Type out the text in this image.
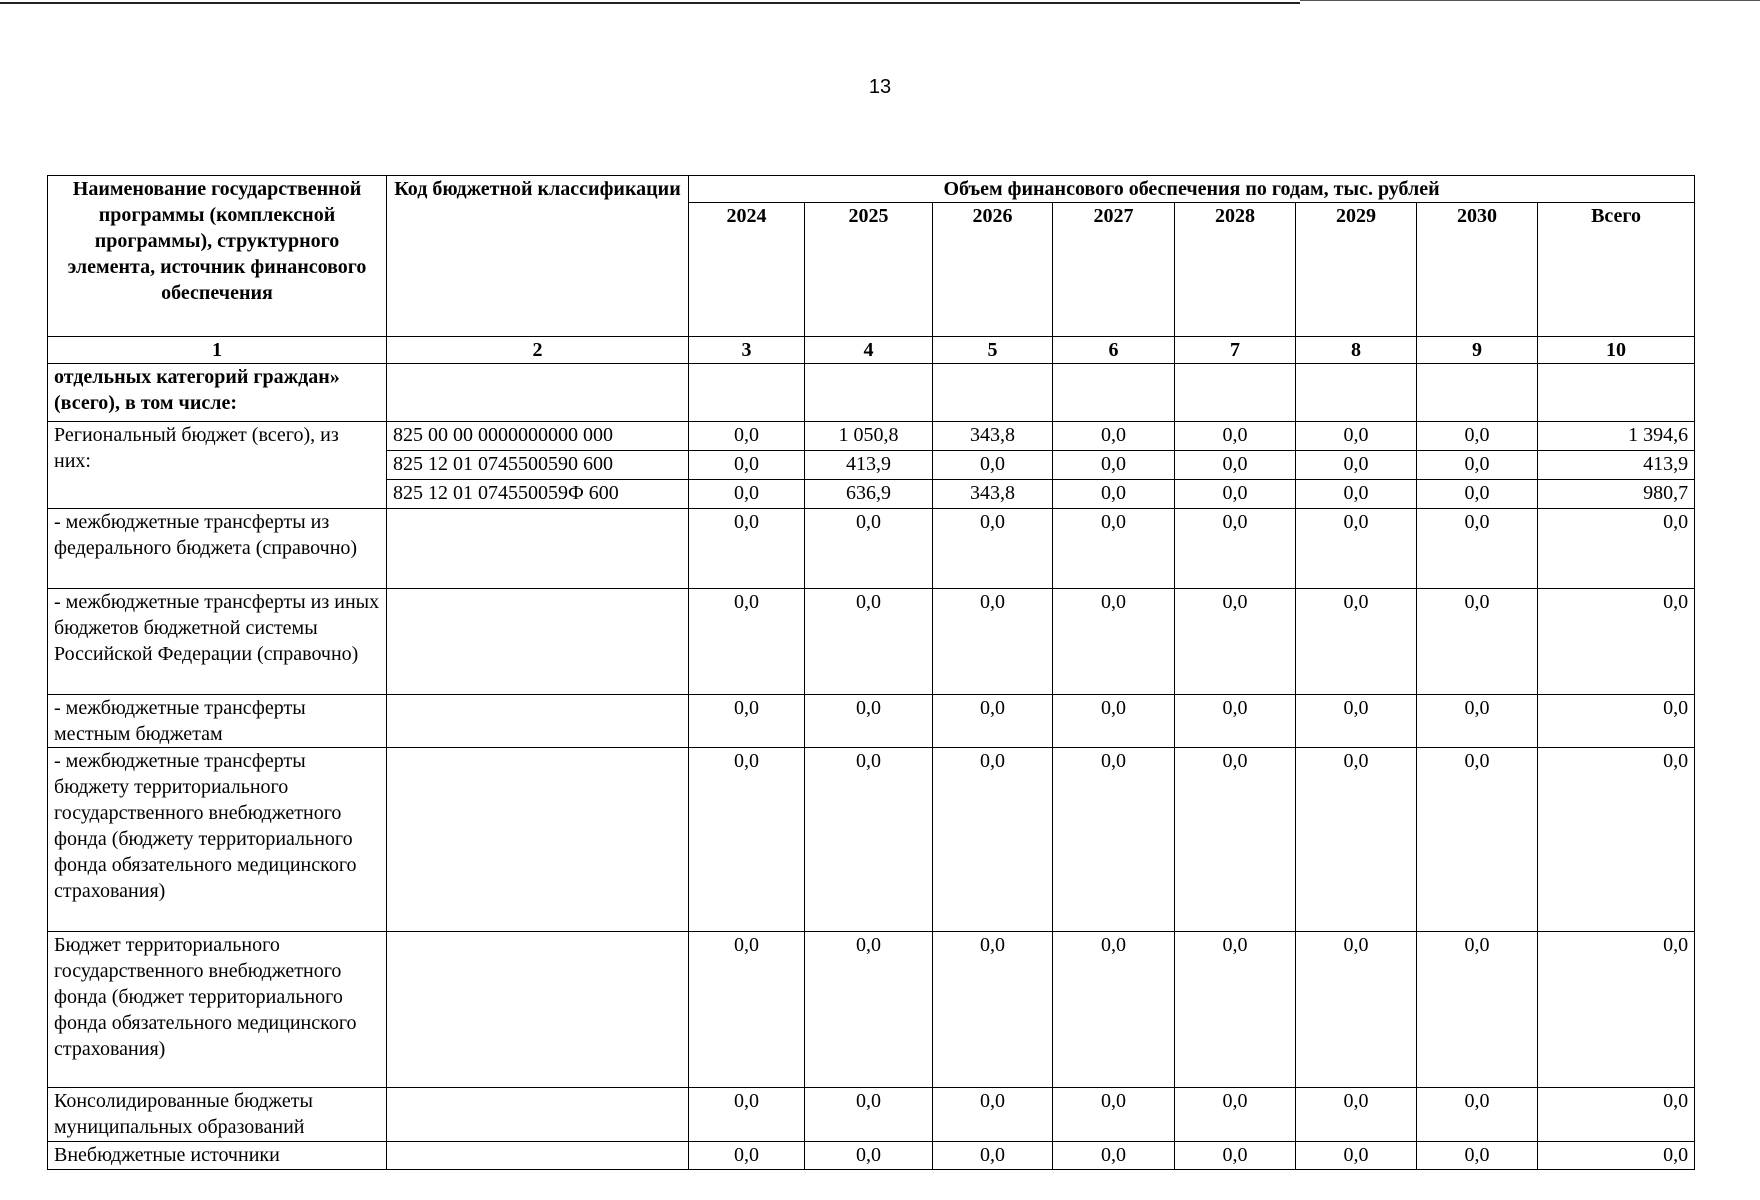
13
Наименование государственной программы (комплексной программы), структурного элемента, источник финансового обеспечения	Код бюджетной классификации	Объем финансового обеспечения по годам, тыс. рублей							
		2024	2025	2026	2027	2028	2029	2030	Всего
1	2	3	4	5	6	7	8	9	10
отдельных категорий граждан» (всего), в том числе:									
Региональный бюджет (всего), из них:	825 00 00 0000000000 000	0,0	1 050,8	343,8	0,0	0,0	0,0	0,0	1 394,6
	825 12 01 0745500590 600	0,0	413,9	0,0	0,0	0,0	0,0	0,0	413,9
	825 12 01 074550059Ф 600	0,0	636,9	343,8	0,0	0,0	0,0	0,0	980,7
- межбюджетные трансферты из федерального бюджета (справочно)		0,0	0,0	0,0	0,0	0,0	0,0	0,0	0,0
- межбюджетные трансферты из иных бюджетов бюджетной системы Российской Федерации (справочно)		0,0	0,0	0,0	0,0	0,0	0,0	0,0	0,0
- межбюджетные трансферты местным бюджетам		0,0	0,0	0,0	0,0	0,0	0,0	0,0	0,0
- межбюджетные трансферты бюджету территориального государственного внебюджетного фонда (бюджету территориального фонда обязательного медицинского страхования)		0,0	0,0	0,0	0,0	0,0	0,0	0,0	0,0
Бюджет территориального государственного внебюджетного фонда (бюджет территориального фонда обязательного медицинского страхования)		0,0	0,0	0,0	0,0	0,0	0,0	0,0	0,0
Консолидированные бюджеты муниципальных образований		0,0	0,0	0,0	0,0	0,0	0,0	0,0	0,0
Внебюджетные источники		0,0	0,0	0,0	0,0	0,0	0,0	0,0	0,0
